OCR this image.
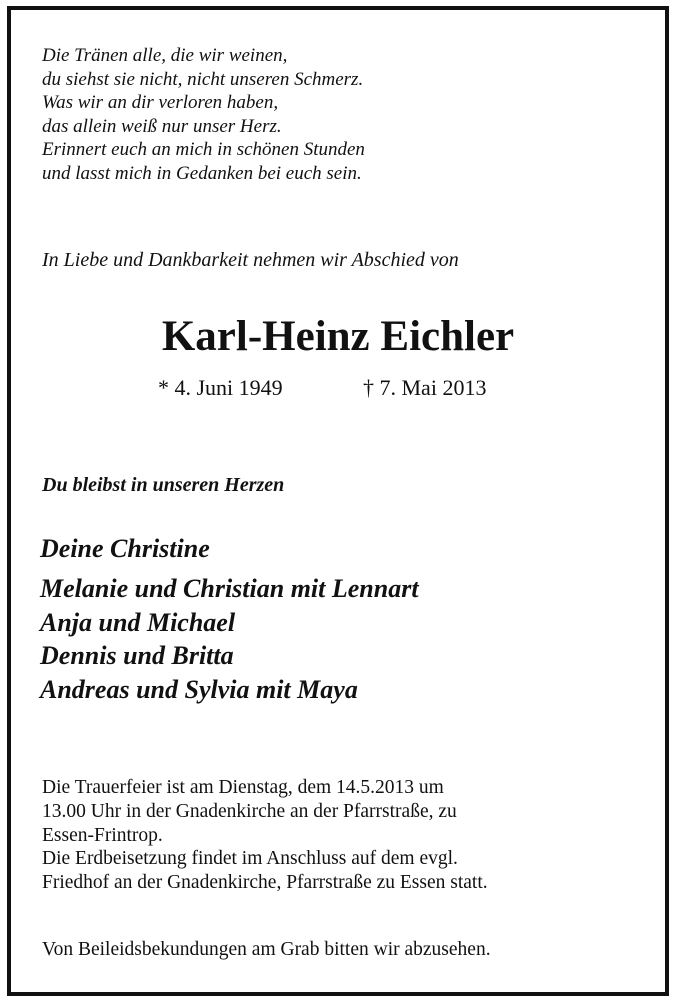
Die Tränen alle, die wir weinen,
du siehst sie nicht, nicht unseren Schmerz.
Was wir an dir verloren haben,
das allein weiß nur unser Herz.
Erinnert euch an mich in schönen Stunden
und lasst mich in Gedanken bei euch sein.
In Liebe und Dankbarkeit nehmen wir Abschied von
Karl-Heinz Eichler
* 4. Juni 1949	† 7. Mai 2013
Du bleibst in unseren Herzen
Deine Christine
Melanie und Christian mit Lennart
Anja und Michael
Dennis und Britta
Andreas und Sylvia mit Maya
Die Trauerfeier ist am Dienstag, dem 14.5.2013 um
13.00 Uhr in der Gnadenkirche an der Pfarrstraße, zu
Essen-Frintrop.
Die Erdbeisetzung findet im Anschluss auf dem evgl.
Friedhof an der Gnadenkirche, Pfarrstraße zu Essen statt.
Von Beileidsbekundungen am Grab bitten wir abzusehen.
